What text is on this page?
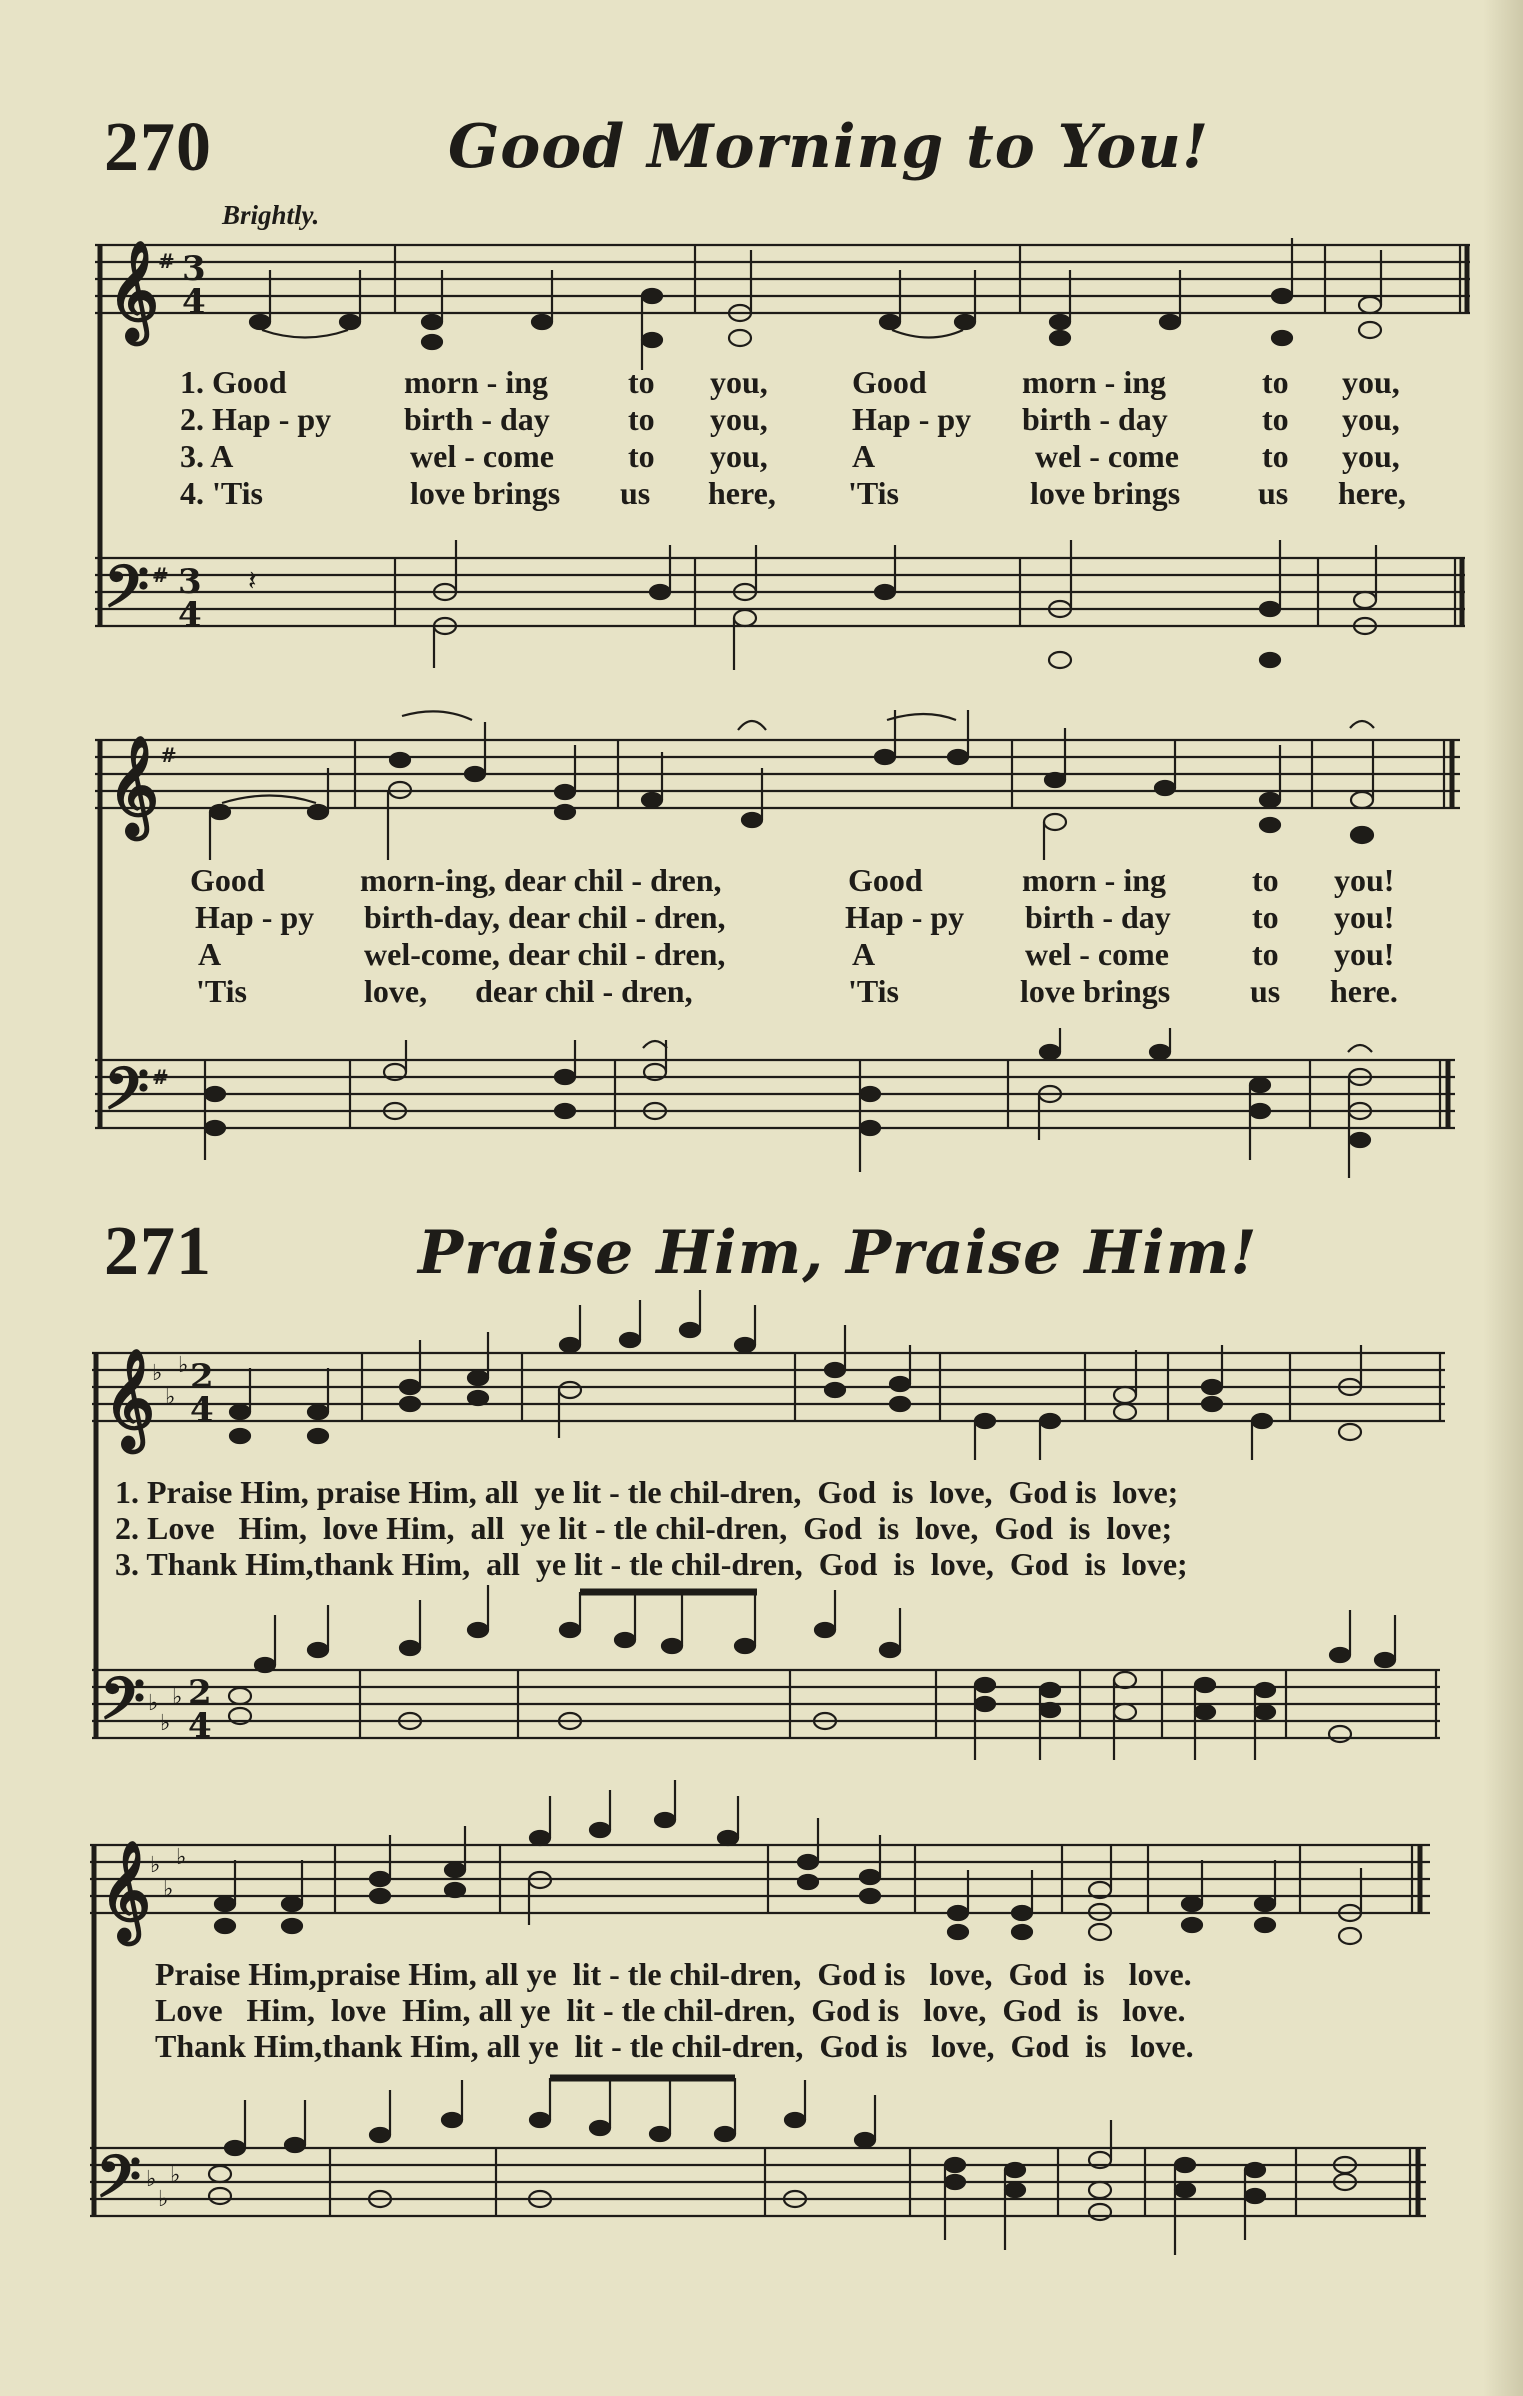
270	Good Morning to You!
Brightly.
𝄞 # 3
4
𝄢 # 3
4
𝄽

1. Good

	morn - ing

	to

you,

	Good

	morn - ing

	to

you,

2. Hap - py

birth - day

to

you,

	Hap - py

birth - day

	to

you,

3. A

	wel - come

to

you,

	A

	wel - come

	to

you,

4. 'Tis

	love brings

us

here,

'Tis

	love brings

us

here,

𝄞 #
𝄢 #

Good

	morn-ing, dear chil - dren,

	Good

	morn - ing

	to

you!

Hap - py

birth-day, dear chil - dren,

	Hap - py

birth - day

	to

you!

A

	wel-come, dear chil - dren,

	A

	wel - come

	to

you!

'Tis

	love,      dear chil - dren,

	'Tis

	love brings

us

here.

271	Praise Him, Praise Him!
𝄞
♭
♭
♭ 2
4
𝄢 ♭
♭
♭ 2
4

1. Praise Him, praise Him, all  ye lit - tle chil-dren,  God  is  love,  God is  love;

2. Love   Him,  love Him,  all  ye lit - tle chil-dren,  God  is  love,  God  is  love;

3. Thank Him,thank Him,  all  ye lit - tle chil-dren,  God  is  love,  God  is  love;

𝄞 ♭
♭
♭
𝄢 ♭
♭
♭

Praise Him,praise Him, all ye  lit - tle chil-dren,  God is   love,  God  is   love.

Love   Him,  love  Him, all ye  lit - tle chil-dren,  God is   love,  God  is   love.

Thank Him,thank Him, all ye  lit - tle chil-dren,  God is   love,  God  is   love.
